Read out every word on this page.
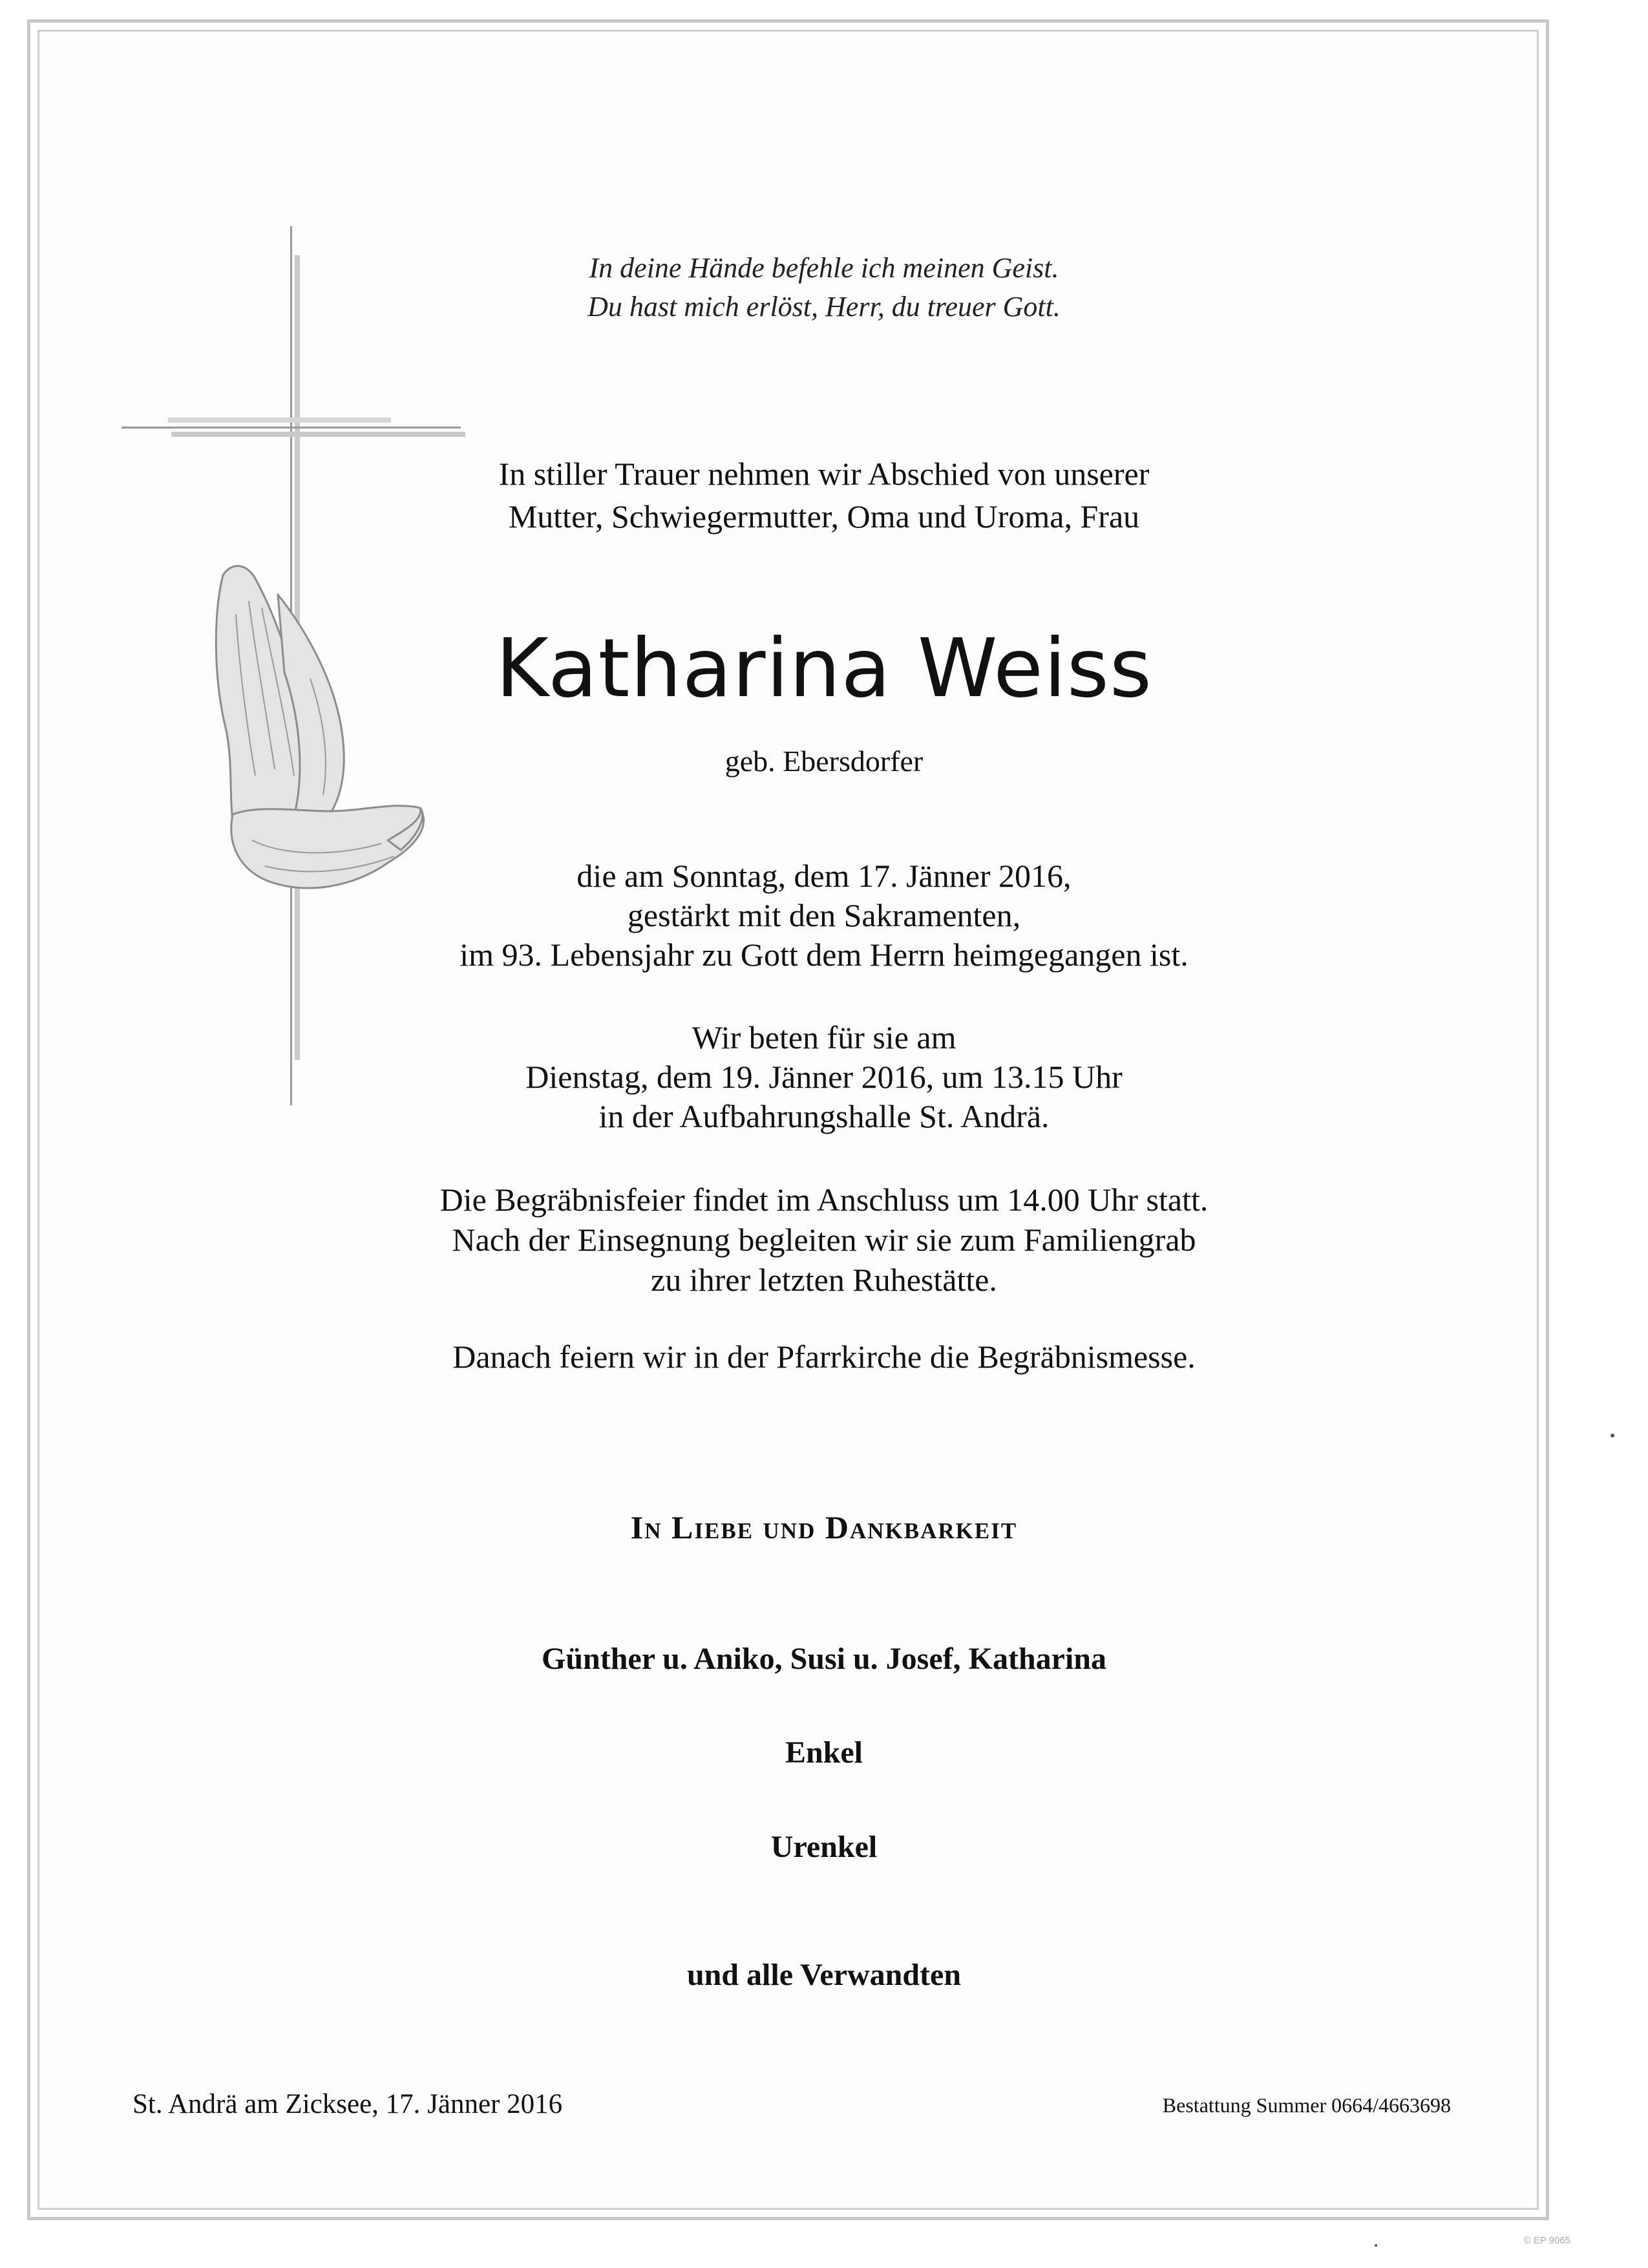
In deine Hände befehle ich meinen Geist.
Du hast mich erlöst, Herr, du treuer Gott.
In stiller Trauer nehmen wir Abschied von unserer
Mutter, Schwiegermutter, Oma und Uroma, Frau
Katharina Weiss
geb. Ebersdorfer
die am Sonntag, dem 17. Jänner 2016,
gestärkt mit den Sakramenten,
im 93. Lebensjahr zu Gott dem Herrn heimgegangen ist.
Wir beten für sie am
Dienstag, dem 19. Jänner 2016, um 13.15 Uhr
in der Aufbahrungshalle St. Andrä.
Die Begräbnisfeier findet im Anschluss um 14.00 Uhr statt.
Nach der Einsegnung begleiten wir sie zum Familiengrab
zu ihrer letzten Ruhestätte.
Danach feiern wir in der Pfarrkirche die Begräbnismesse.
In Liebe und Dankbarkeit
Günther u. Aniko, Susi u. Josef, Katharina
Enkel
Urenkel
und alle Verwandten
St. Andrä am Zicksee, 17. Jänner 2016	Bestattung Summer 0664/4663698
© EP 9065
